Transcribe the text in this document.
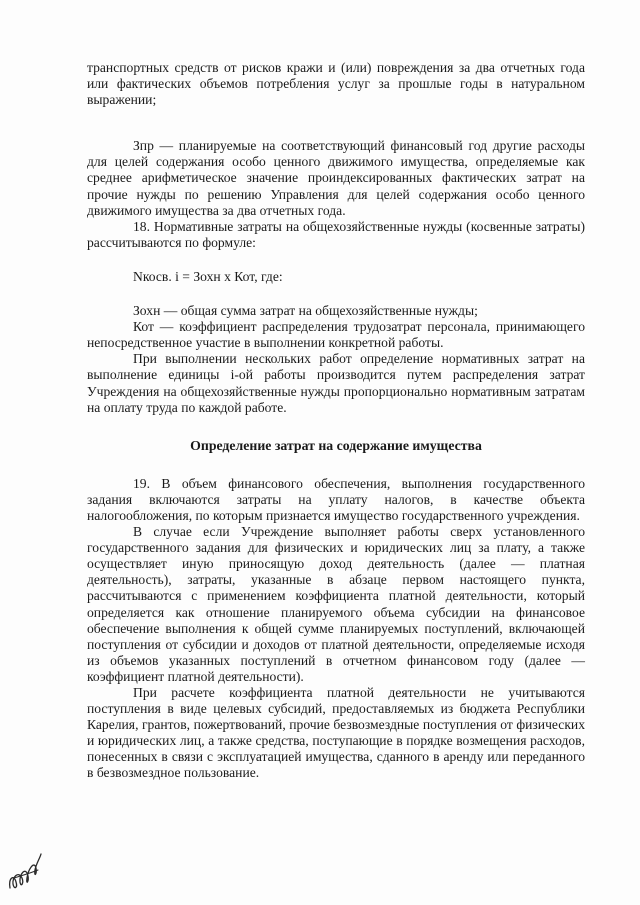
транспортных средств от рисков кражи и (или) повреждения за два отчетных года или фактических объемов потребления услуг за прошлые годы в натуральном выражении;

Зпр — планируемые на соответствующий финансовый год другие расходы для целей содержания особо ценного движимого имущества, определяемые как среднее арифметическое значение проиндексированных фактических затрат на прочие нужды по решению Управления для целей содержания особо ценного движимого имущества за два отчетных года.

18. Нормативные затраты на общехозяйственные нужды (косвенные затраты) рассчитываются по формуле:

Nкосв. i = Зохн х Кот, где:

Зохн — общая сумма затрат на общехозяйственные нужды;

Кот — коэффициент распределения трудозатрат персонала, принимающего непосредственное участие в выполнении конкретной работы.

При выполнении нескольких работ определение нормативных затрат на выполнение единицы i-ой работы производится путем распределения затрат Учреждения на общехозяйственные нужды пропорционально нормативным затратам на оплату труда по каждой работе.

Определение затрат на содержание имущества

19. В объем финансового обеспечения, выполнения государственного задания включаются затраты на уплату налогов, в качестве объекта налогообложения, по которым признается имущество государственного учреждения.

В случае если Учреждение выполняет работы сверх установленного государственного задания для физических и юридических лиц за плату, а также осуществляет иную приносящую доход деятельность (далее — платная деятельность), затраты, указанные в абзаце первом настоящего пункта, рассчитываются с применением коэффициента платной деятельности, который определяется как отношение планируемого объема субсидии на финансовое обеспечение выполнения к общей сумме планируемых поступлений, включающей поступления от субсидии и доходов от платной деятельности, определяемые исходя из объемов указанных поступлений в отчетном финансовом году (далее — коэффициент платной деятельности).

При расчете коэффициента платной деятельности не учитываются поступления в виде целевых субсидий, предоставляемых из бюджета Республики Карелия, грантов, пожертвований, прочие безвозмездные поступления от физических и юридических лиц, а также средства, поступающие в порядке возмещения расходов, понесенных в связи с эксплуатацией имущества, сданного в аренду или переданного в безвозмездное пользование.
